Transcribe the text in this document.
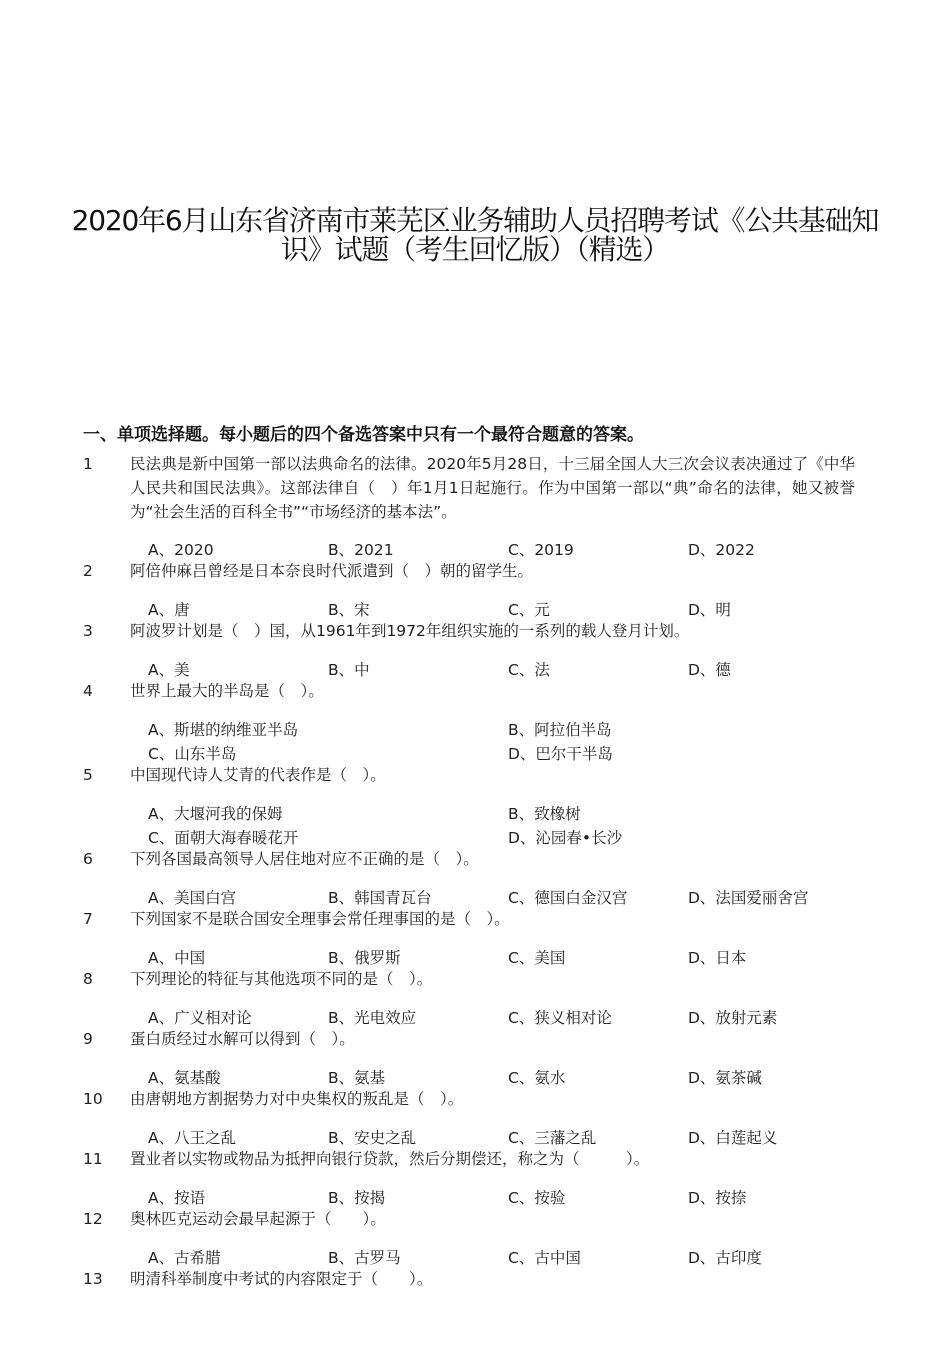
2020年6月山东省济南市莱芜区业务辅助人员招聘考试《公共基础知识》试题（考生回忆版）（精选）
一、单项选择题。每小题后的四个备选答案中只有一个最符合题意的答案。
1 民法典是新中国第一部以法典命名的法律。2020年5月28日，十三届全国人大三次会议表决通过了《中华人民共和国民法典》。这部法律自（　）年1月1日起施行。作为中国第一部以“典”命名的法律，她又被誉为“社会生活的百科全书”“市场经济的基本法”。
A、2020	B、2021	C、2019	D、2022
2 阿倍仲麻吕曾经是日本奈良时代派遣到（　）朝的留学生。
A、唐	B、宋	C、元	D、明
3 阿波罗计划是（　）国，从1961年到1972年组织实施的一系列的载人登月计划。
A、美	B、中	C、法	D、德
4 世界上最大的半岛是（　）。
A、斯堪的纳维亚半岛	B、阿拉伯半岛
C、山东半岛	D、巴尔干半岛
5 中国现代诗人艾青的代表作是（　）。
A、大堰河我的保姆	B、致橡树
C、面朝大海春暖花开	D、沁园春•长沙
6 下列各国最高领导人居住地对应不正确的是（　）。
A、美国白宫	B、韩国青瓦台	C、德国白金汉宫	D、法国爱丽舍宫
7 下列国家不是联合国安全理事会常任理事国的是（　）。
A、中国	B、俄罗斯	C、美国	D、日本
8 下列理论的特征与其他选项不同的是（　）。
A、广义相对论	B、光电效应	C、狭义相对论	D、放射元素
9 蛋白质经过水解可以得到（　）。
A、氨基酸	B、氨基	C、氨水	D、氨茶碱
10 由唐朝地方割据势力对中央集权的叛乱是（　）。
A、八王之乱	B、安史之乱	C、三藩之乱	D、白莲起义
11 置业者以实物或物品为抵押向银行贷款，然后分期偿还，称之为（　　　）。
A、按语	B、按揭	C、按验	D、按捺
12 奥林匹克运动会最早起源于（　　）。
A、古希腊	B、古罗马	C、古中国	D、古印度
13 明清科举制度中考试的内容限定于（　　）。
